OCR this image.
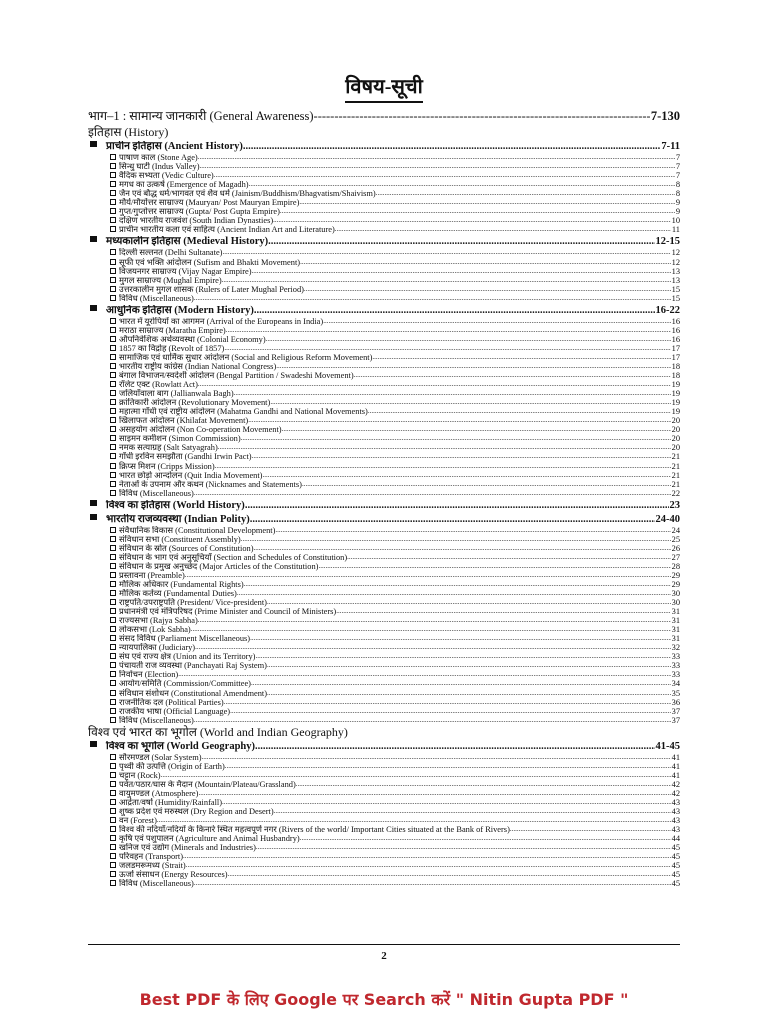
विषय-सूची
भाग–1 : सामान्य जानकारी (General Awareness) -----	7-130
इतिहास (History)
प्राचीन इतिहास (Ancient History) .....	7-11
पाषाण काल (Stone Age) .....	7
सिन्धु घाटी (Indus Valley) .....	7
वैदिक सभ्यता (Vedic Culture) .....	7
मगध का उत्कर्ष (Emergence of Magadh) .....	8
जैन एवं बौद्ध धर्म/भागवत एवं शैव धर्म (Jainism/Buddhism/Bhagvatism/Shaivism) .....	8
मौर्य/मौर्योत्तर साम्राज्य (Mauryan/ Post Mauryan Empire) .....	9
गुप्त/गुप्तोत्तर साम्राज्य (Gupta/ Post Gupta Empire) .....	9
दक्षिण भारतीय राजवंश (South Indian Dynasties) .....	10
प्राचीन भारतीय कला एवं साहित्य (Ancient Indian Art and Literature) .....	11
मध्यकालीन इतिहास (Medieval History) .....	12-15
दिल्ली सल्तनत (Delhi Sultanate) .....	12
सूफी एवं भक्ति आंदोलन (Sufism and Bhakti Movement) .....	12
विजयनगर साम्राज्य (Vijay Nagar Empire) .....	13
मुगल साम्राज्य (Mughal Empire) .....	13
उत्तरकालीन मुगल शासक (Rulers of Later Mughal Period) .....	15
विविध (Miscellaneous) .....	15
आधुनिक इतिहास (Modern History) .....	16-22
भारत में यूरोपियों का आगमन (Arrival of the Europeans in India) .....	16
मराठा साम्राज्य (Maratha Empire) .....	16
औपनिवेशिक अर्थव्यवस्था (Colonial Economy) .....	16
1857 का विद्रोह (Revolt of 1857) .....	17
सामाजिक एवं धार्मिक सुधार आंदोलन (Social and Religious Reform Movement) .....	17
भारतीय राष्ट्रीय कांग्रेस (Indian National Congress) .....	18
बंगाल विभाजन/स्वदेशी आंदोलन (Bengal Partition / Swadeshi Movement) .....	18
रॉलेट एक्ट (Rowlatt Act) .....	19
जलियाँवाला बाग (Jallianwala Bagh) .....	19
क्रांतिकारी आंदोलन (Revolutionary Movement) .....	19
महात्मा गाँधी एवं राष्ट्रीय आंदोलन (Mahatma Gandhi and National Movements) .....	19
खिलाफत आंदोलन (Khilafat Movement) .....	20
असहयोग आंदोलन (Non Co-operation Movement) .....	20
साइमन कमीशन (Simon Commission) .....	20
नमक सत्याग्रह (Salt Satyagrah) .....	20
गाँधी इरविन समझौता (Gandhi Irwin Pact) .....	21
क्रिप्स मिशन (Cripps Mission) .....	21
भारत छोड़ो आन्दोलन (Quit India Movement) .....	21
नेताओं के उपनाम और कथन (Nicknames and Statements) .....	21
विविध (Miscellaneous) .....	22
विश्व का इतिहास (World History) .....	23
भारतीय राजव्यवस्था (Indian Polity) .....	24-40
संवैधानिक विकास (Constitutional Development) .....	24
संविधान सभा (Constituent Assembly) .....	25
संविधान के स्रोत (Sources of Constitution) .....	26
संविधान के भाग एवं अनुसूचियाँ (Section and Schedules of Constitution) .....	27
संविधान के प्रमुख अनुच्छेद (Major Articles of the Constitution) .....	28
प्रस्तावना (Preamble) .....	29
मौलिक अधिकार (Fundamental Rights) .....	29
मौलिक कर्तव्य (Fundamental Duties) .....	30
राष्ट्रपति/उपराष्ट्रपति (President/ Vice-president) .....	30
प्रधानमंत्री एवं मंत्रिपरिषद (Prime Minister and Council of Ministers) .....	31
राज्यसभा (Rajya Sabha) .....	31
लोकसभा (Lok Sabha) .....	31
संसद विविध (Parliament Miscellaneous) .....	31
न्यायपालिका (Judiciary) .....	32
संघ एवं राज्य क्षेत्र (Union and its Territory) .....	33
पंचायती राज व्यवस्था (Panchayati Raj System) .....	33
निर्वाचन (Election) .....	33
आयोग/समिति (Commission/Committee) .....	34
संविधान संशोधन (Constitutional Amendment) .....	35
राजनीतिक दल (Political Parties) .....	36
राजकीय भाषा (Official Language) .....	37
विविध (Miscellaneous) .....	37
विश्व एवं भारत का भूगोल (World and Indian Geography)
विश्व का भूगोल (World Geography) .....	41-45
सौरमण्डल (Solar System) .....	41
पृथ्वी की उत्पत्ति (Origin of Earth) .....	41
चट्टान (Rock) .....	41
पर्वत/पठार/घास के मैदान (Mountain/Plateau/Grassland) .....	42
वायुमण्डल (Atmosphere) .....	42
आर्द्रता/वर्षा (Humidity/Rainfall) .....	43
शुष्क प्रदेश एवं मरुस्थल (Dry Region and Desert) .....	43
वन (Forest) .....	43
विश्व की नदियाँ/नदियों के किनारे स्थित महत्वपूर्ण नगर (Rivers of the world/ Important Cities situated at the Bank of Rivers) .....	43
कृषि एवं पशुपालन (Agriculture and Animal Husbandry) .....	44
खनिज एवं उद्योग (Minerals and Industries) .....	45
परिवहन (Transport) .....	45
जलडमरूमध्य (Strait) .....	45
ऊर्जा संसाधन (Energy Resources) .....	45
विविध (Miscellaneous) .....	45
2
Best PDF के लिए Google पर Search करें " Nitin Gupta PDF "
